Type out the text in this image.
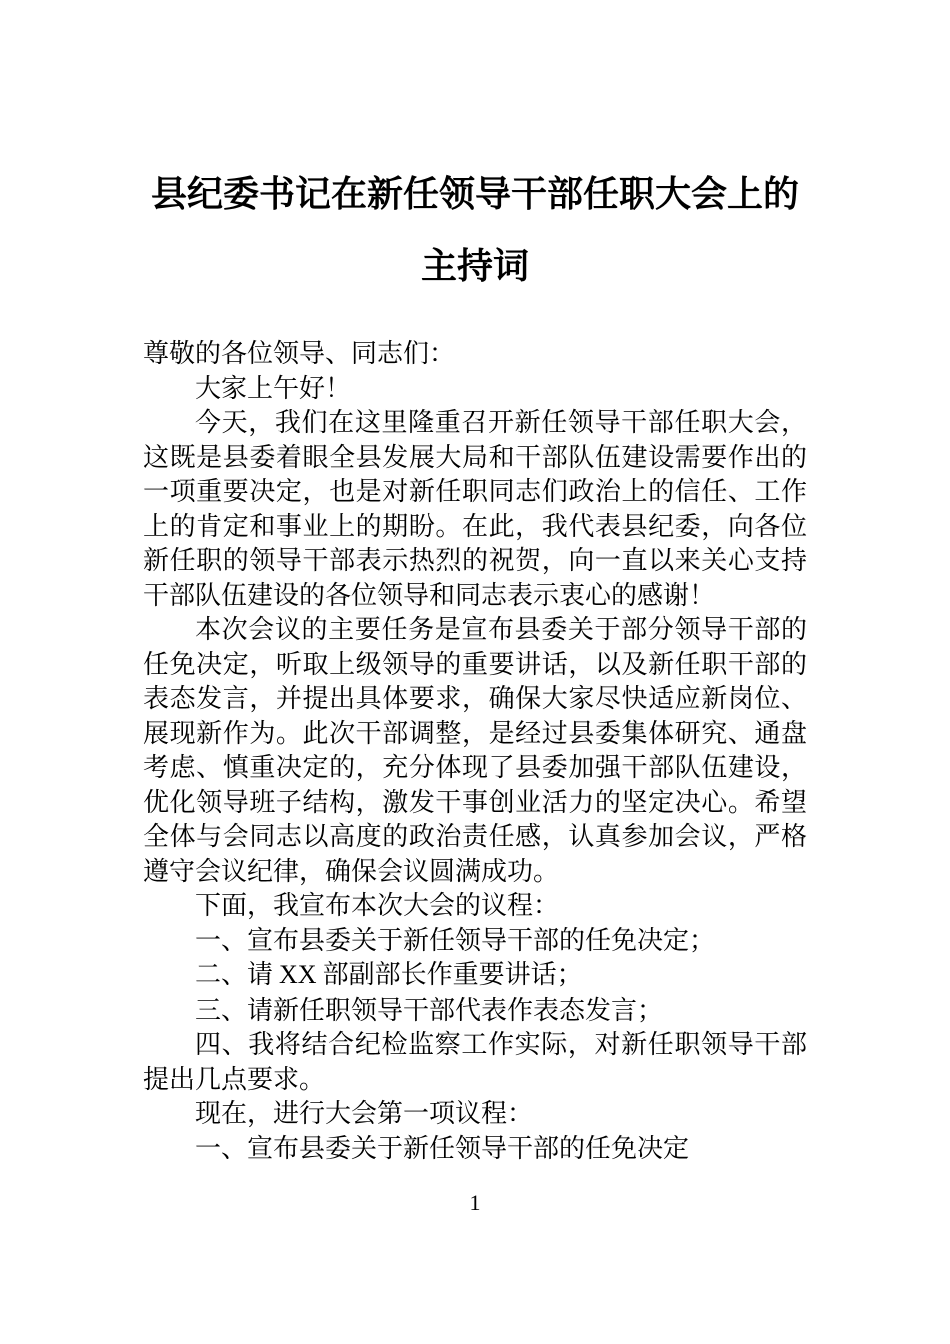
县纪委书记在新任领导干部任职大会上的主持词

尊敬的各位领导、同志们：

大家上午好！

今天，我们在这里隆重召开新任领导干部任职大会，这既是县委着眼全县发展大局和干部队伍建设需要作出的一项重要决定，也是对新任职同志们政治上的信任、工作上的肯定和事业上的期盼。在此，我代表县纪委，向各位新任职的领导干部表示热烈的祝贺，向一直以来关心支持干部队伍建设的各位领导和同志表示衷心的感谢！

本次会议的主要任务是宣布县委关于部分领导干部的任免决定，听取上级领导的重要讲话，以及新任职干部的表态发言，并提出具体要求，确保大家尽快适应新岗位、展现新作为。此次干部调整，是经过县委集体研究、通盘考虑、慎重决定的，充分体现了县委加强干部队伍建设，优化领导班子结构，激发干事创业活力的坚定决心。希望全体与会同志以高度的政治责任感，认真参加会议，严格遵守会议纪律，确保会议圆满成功。

下面，我宣布本次大会的议程：

一、宣布县委关于新任领导干部的任免决定；

二、请 XX 部副部长作重要讲话；

三、请新任职领导干部代表作表态发言；

四、我将结合纪检监察工作实际，对新任职领导干部提出几点要求。

现在，进行大会第一项议程：

一、宣布县委关于新任领导干部的任免决定

1
